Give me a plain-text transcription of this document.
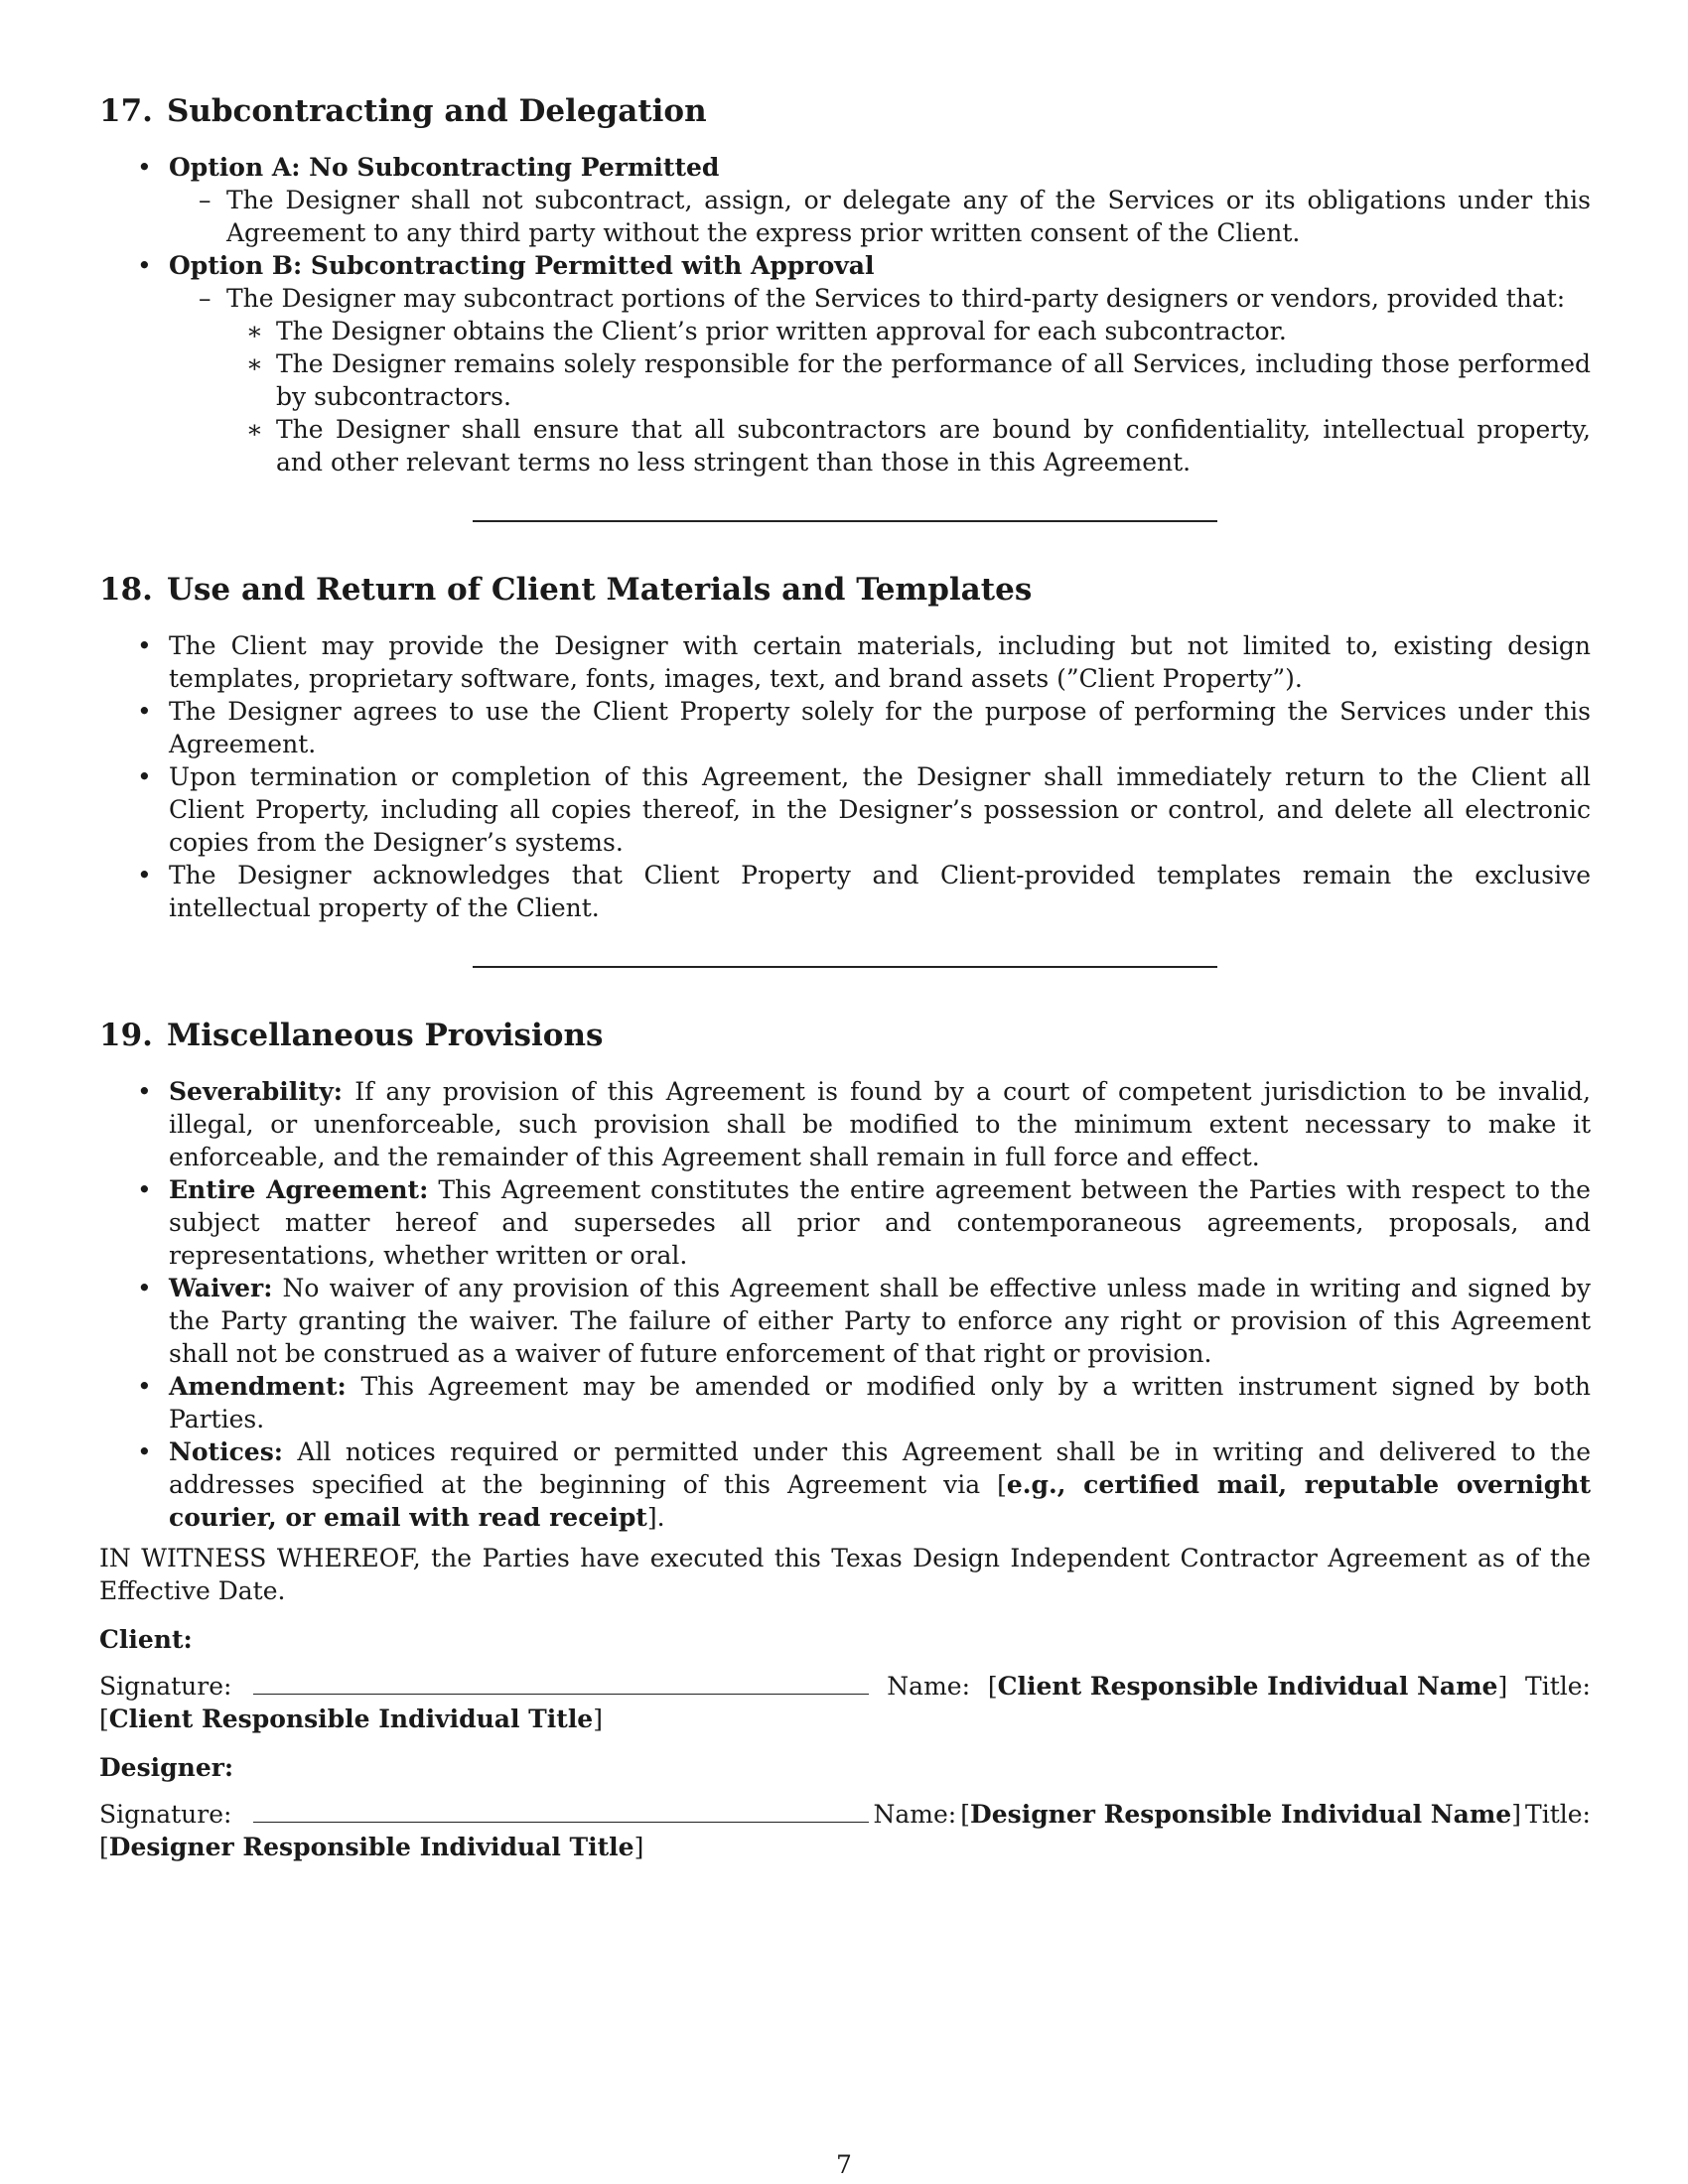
17. Subcontracting and Delegation
• Option A: No Subcontracting Permitted
– The Designer shall not subcontract, assign, or delegate any of the Services or its obligations under this Agreement to any third party without the express prior written consent of the Client.
• Option B: Subcontracting Permitted with Approval
– The Designer may subcontract portions of the Services to third-party designers or vendors, provided that:
∗ The Designer obtains the Client’s prior written approval for each subcontractor.
∗ The Designer remains solely responsible for the performance of all Services, including those performed by subcontractors.
∗ The Designer shall ensure that all subcontractors are bound by confidentiality, intellectual property, and other relevant terms no less stringent than those in this Agreement.
18. Use and Return of Client Materials and Templates
• The Client may provide the Designer with certain materials, including but not limited to, existing design templates, proprietary software, fonts, images, text, and brand assets (”Client Property”).
• The Designer agrees to use the Client Property solely for the purpose of performing the Services under this Agreement.
• Upon termination or completion of this Agreement, the Designer shall immediately return to the Client all Client Property, including all copies thereof, in the Designer’s possession or control, and delete all electronic copies from the Designer’s systems.
• The Designer acknowledges that Client Property and Client-provided templates remain the exclusive intellectual property of the Client.
19. Miscellaneous Provisions
• Severability: If any provision of this Agreement is found by a court of competent jurisdiction to be invalid, illegal, or unenforceable, such provision shall be modified to the minimum extent necessary to make it enforceable, and the remainder of this Agreement shall remain in full force and effect.
• Entire Agreement: This Agreement constitutes the entire agreement between the Parties with respect to the subject matter hereof and supersedes all prior and contemporaneous agreements, proposals, and representations, whether written or oral.
• Waiver: No waiver of any provision of this Agreement shall be effective unless made in writing and signed by the Party granting the waiver. The failure of either Party to enforce any right or provision of this Agreement shall not be construed as a waiver of future enforcement of that right or provision.
• Amendment: This Agreement may be amended or modified only by a written instrument signed by both Parties.
• Notices: All notices required or permitted under this Agreement shall be in writing and delivered to the addresses specified at the beginning of this Agreement via [e.g., certified mail, reputable overnight courier, or email with read receipt].

IN WITNESS WHEREOF, the Parties have executed this Texas Design Independent Contractor Agreement as of the Effective Date.

Client:
Signature:	Name: [Client Responsible Individual Name] Title:
[Client Responsible Individual Title]
Designer:
Signature:	Name: [Designer Responsible Individual Name] Title:
[Designer Responsible Individual Title]
7
